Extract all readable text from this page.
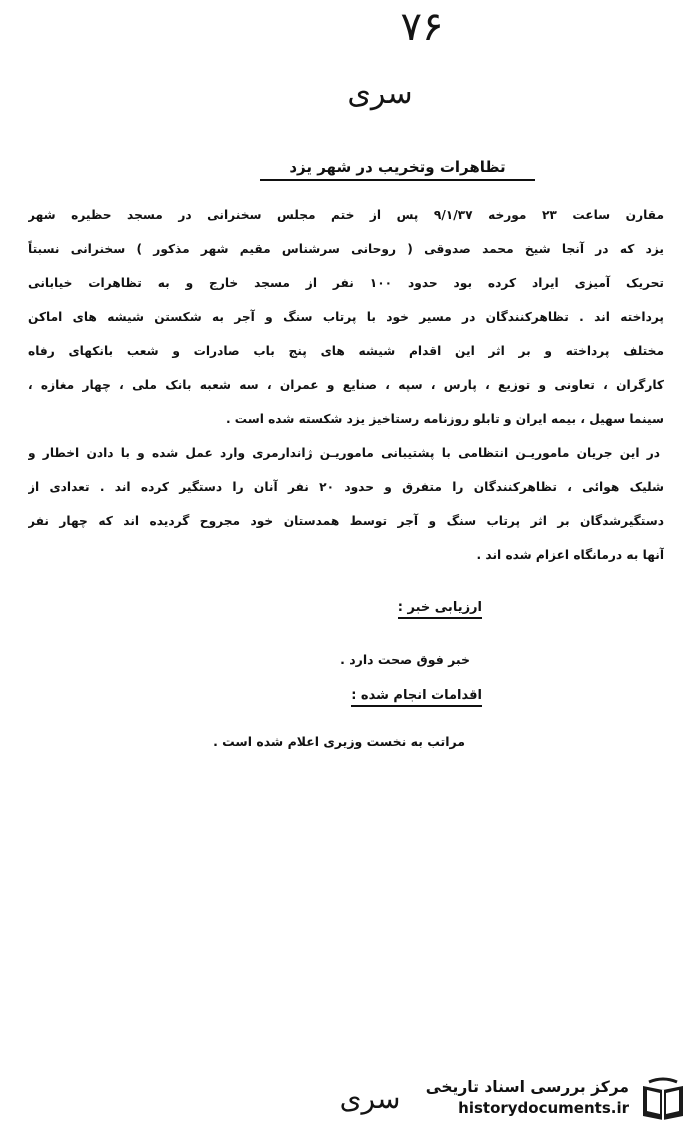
۷۶
سری
تظاهرات وتخریب در شهر یزد
مقارن ساعت ۲۳ مورخه ۹/۱/۳۷ پس از ختم مجلس سخنرانی در مسجد حظیره شهر
یزد که در آنجا شیخ محمد صدوقی ( روحانی سرشناس مقیم شهر مذکور ) سخنرانی نسبتاً
تحریک آمیزی ایراد کرده بود حدود ۱۰۰ نفر از مسجد خارج و به تظاهرات خیابانی
پرداخته اند . تظاهرکنندگان در مسیر خود با پرتاب سنگ و آجر به شکستن شیشه های اماکن
مختلف پرداخته و بر اثر این اقدام شیشه های پنج باب صادرات و شعب بانکهای رفاه
کارگران ، تعاونی و توزیع ، پارس ، سپه ، صنایع و عمران ، سه شعبه بانک ملی ، چهار مغازه ،
سینما سهیل ، بیمه ایران و تابلو روزنامه رستاخیز یزد شکسته شده است .
در این جریان ماموریـن انتظامی با پشتیبانی ماموریـن ژاندارمری وارد عمل شده و با دادن اخطار و
شلیک هوائی ، تظاهرکنندگان را متفرق و حدود ۲۰ نفر آنان را دستگیر کرده اند . تعدادی از
دستگیرشدگان بر اثر پرتاب سنگ و آجر توسط همدستان خود مجروح گردیده اند که چهار نفر
آنها به درمانگاه اعزام شده اند .
ارزیابی خبر :
خبر فوق صحت دارد .
اقدامات انجام شده :
مراتب به نخست وزیری اعلام شده است .
سری	مرکز بررسی اسناد تاریخی
historydocuments.ir
